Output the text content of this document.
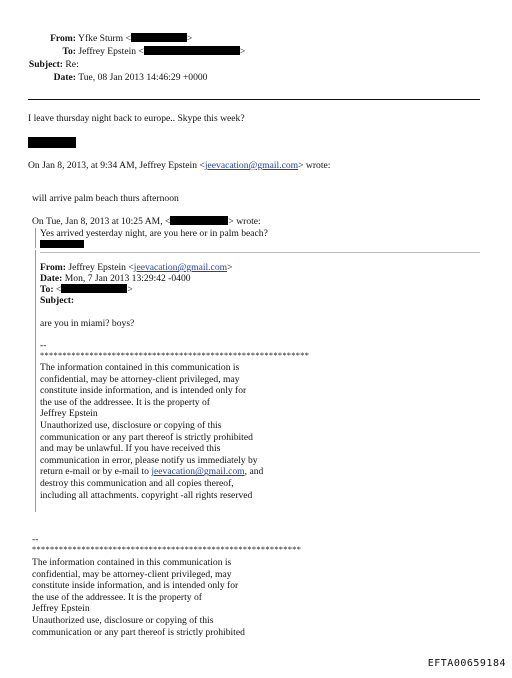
From: Yfke Sturm <	>
To: Jeffrey Epstein <	>
Subject: Re:
Date: Tue, 08 Jan 2013 14:46:29 +0000
I leave thursday night back to europe.. Skype this week?
On Jan 8, 2013, at 9:34 AM, Jeffrey Epstein <jeevacation@gmail.com> wrote:
will arrive palm beach thurs afternoon
On Tue, Jan 8, 2013 at 10:25 AM, <	> wrote:
Yes arrived yesterday night, are you here or in palm beach?
From: Jeffrey Epstein <jeevacation@gmail.com>
Date: Mon, 7 Jan 2013 13:29:42 -0400
To: <	>
Subject:
are you in miami? boys?
--
************************************************************
The information contained in this communication is
confidential, may be attorney-client privileged, may
constitute inside information, and is intended only for
the use of the addressee. It is the property of
Jeffrey Epstein
Unauthorized use, disclosure or copying of this
communication or any part thereof is strictly prohibited
and may be unlawful. If you have received this
communication in error, please notify us immediately by
return e-mail or by e-mail to jeevacation@gmail.com, and
destroy this communication and all copies thereof,
including all attachments. copyright -all rights reserved
--
************************************************************
The information contained in this communication is
confidential, may be attorney-client privileged, may
constitute inside information, and is intended only for
the use of the addressee. It is the property of
Jeffrey Epstein
Unauthorized use, disclosure or copying of this
communication or any part thereof is strictly prohibited
EFTA00659184
